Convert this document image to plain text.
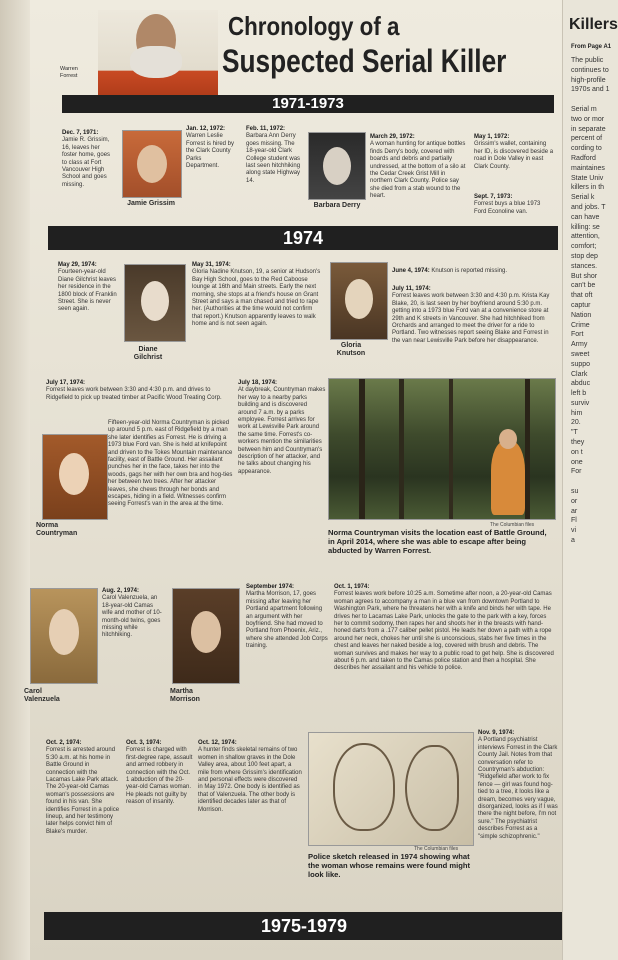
Warren
Forrest
Chronology of a
Suspected Serial Killer
1971-1973
Dec. 7, 1971:
Jamie R. Grissim, 16, leaves her foster home, goes to class at Fort Vancouver High School and goes missing.
Jamie Grissim
Jan. 12, 1972:
Warren Leslie Forrest is hired by the Clark County Parks Department.
Feb. 11, 1972:
Barbara Ann Derry goes missing. The 18-year-old Clark College student was last seen hitchhiking along state Highway 14.
Barbara Derry
March 29, 1972:
A woman hunting for antique bottles finds Derry's body, covered with boards and debris and partially undressed, at the bottom of a silo at the Cedar Creek Grist Mill in northern Clark County. Police say she died from a stab wound to the heart.
May 1, 1972:
Grissim's wallet, containing her ID, is discovered beside a road in Dole Valley in east Clark County.
Sept. 7, 1973:
Forrest buys a blue 1973 Ford Econoline van.
1974
May 29, 1974:
Fourteen-year-old Diane Gilchrist leaves her residence in the 1800 block of Franklin Street. She is never seen again.
Diane
Gilchrist
May 31, 1974:
Gloria Nadine Knutson, 19, a senior at Hudson's Bay High School, goes to the Red Caboose lounge at 16th and Main streets. Early the next morning, she stops at a friend's house on Grant Street and says a man chased and tried to rape her. (Authorities at the time would not confirm that report.) Knutson apparently leaves to walk home and is not seen again.
Gloria
Knutson
June 4, 1974: Knutson is reported missing.
July 11, 1974:
Forrest leaves work between 3:30 and 4:30 p.m. Krista Kay Blake, 20, is last seen by her boyfriend around 5:30 p.m. getting into a 1973 blue Ford van at a convenience store at 29th and K streets in Vancouver. She had hitchhiked from Orchards and arranged to meet the driver for a ride to Portland. Two witnesses report seeing Blake and Forrest in the van near Lewisville Park before her disappearance.
July 17, 1974:
Forrest leaves work between 3:30 and 4:30 p.m. and drives to Ridgefield to pick up treated timber at Pacific Wood Treating Corp.
Norma
Countryman
Fifteen-year-old Norma Countryman is picked up around 5 p.m. east of Ridgefield by a man she later identifies as Forrest. He is driving a 1973 blue Ford van. She is held at knifepoint and driven to the Tokes Mountain maintenance facility, east of Battle Ground. Her assailant punches her in the face, takes her into the woods, gags her with her own bra and hog-ties her between two trees. After her attacker leaves, she chews through her bonds and escapes, hiding in a field. Witnesses confirm seeing Forrest's van in the area at the time.
July 18, 1974:
At daybreak, Countryman makes her way to a nearby parks building and is discovered around 7 a.m. by a parks employee. Forrest arrives for work at Lewisville Park around the same time. Forrest's co-workers mention the similarities between him and Countryman's description of her attacker, and he talks about changing his appearance.
The Columbian files
Norma Countryman visits the location east of Battle Ground, in April 2014, where she was able to escape after being abducted by Warren Forrest.
Carol
Valenzuela
Aug. 2, 1974:
Carol Valenzuela, an 18-year-old Camas wife and mother of 10-month-old twins, goes missing while hitchhiking.
Martha
Morrison
September 1974:
Martha Morrison, 17, goes missing after leaving her Portland apartment following an argument with her boyfriend. She had moved to Portland from Phoenix, Ariz., where she attended Job Corps training.
Oct. 1, 1974:
Forrest leaves work before 10:25 a.m. Sometime after noon, a 20-year-old Camas woman agrees to accompany a man in a blue van from downtown Portland to Washington Park, where he threatens her with a knife and binds her with tape. He drives her to Lacamas Lake Park, unlocks the gate to the park with a key, forces her to commit sodomy, then rapes her and shoots her in the breasts with hand-honed darts from a .177 caliber pellet pistol. He leads her down a path with a rope around her neck, chokes her until she is unconscious, stabs her five times in the chest and leaves her naked beside a log, covered with brush and debris. The woman survives and makes her way to a public road to get help. She is discovered about 6 p.m. and taken to the Camas police station and then a hospital. She describes her assailant and his vehicle to police.
Oct. 2, 1974:
Forrest is arrested around 5:30 a.m. at his home in Battle Ground in connection with the Lacamas Lake Park attack. The 20-year-old Camas woman's possessions are found in his van. She identifies Forrest in a police lineup, and her testimony later helps convict him of Blake's murder.
Oct. 3, 1974:
Forrest is charged with first-degree rape, assault and armed robbery in connection with the Oct. 1 abduction of the 20-year-old Camas woman. He pleads not guilty by reason of insanity.
Oct. 12, 1974:
A hunter finds skeletal remains of two women in shallow graves in the Dole Valley area, about 100 feet apart, a mile from where Grissim's identification and personal effects were discovered in May 1972. One body is identified as that of Valenzuela. The other body is identified decades later as that of Morrison.
The Columbian files
Police sketch released in 1974 showing what the woman whose remains were found might look like.
Nov. 9, 1974:
A Portland psychiatrist interviews Forrest in the Clark County Jail. Notes from that conversation refer to Countryman's abduction: "Ridgefield after work to fix fence — girl was found hog-tied to a tree, it looks like a dream, becomes very vague, disorganized, looks as if I was there the night before, I'm not sure." The psychiatrist describes Forrest as a "simple schizophrenic."
1975-1979
Killers
From Page A1
The public
continues to
high-profile
1970s and 1

Serial m
two or mor
in separate
percent of
cording to
Radford
maintaines
State Univ
killers in th
Serial k
and jobs. T
can have
killing: se
attention,
comfort;
stop dep
stances.
But shor
can't be
that oft
captur
Nation
Crime
Fort
Army
sweet
suppo
Clark
abduc
left b
surviv
him
20.
"T
they
on t
one
For

su
or
ar
Fl
vi
a
